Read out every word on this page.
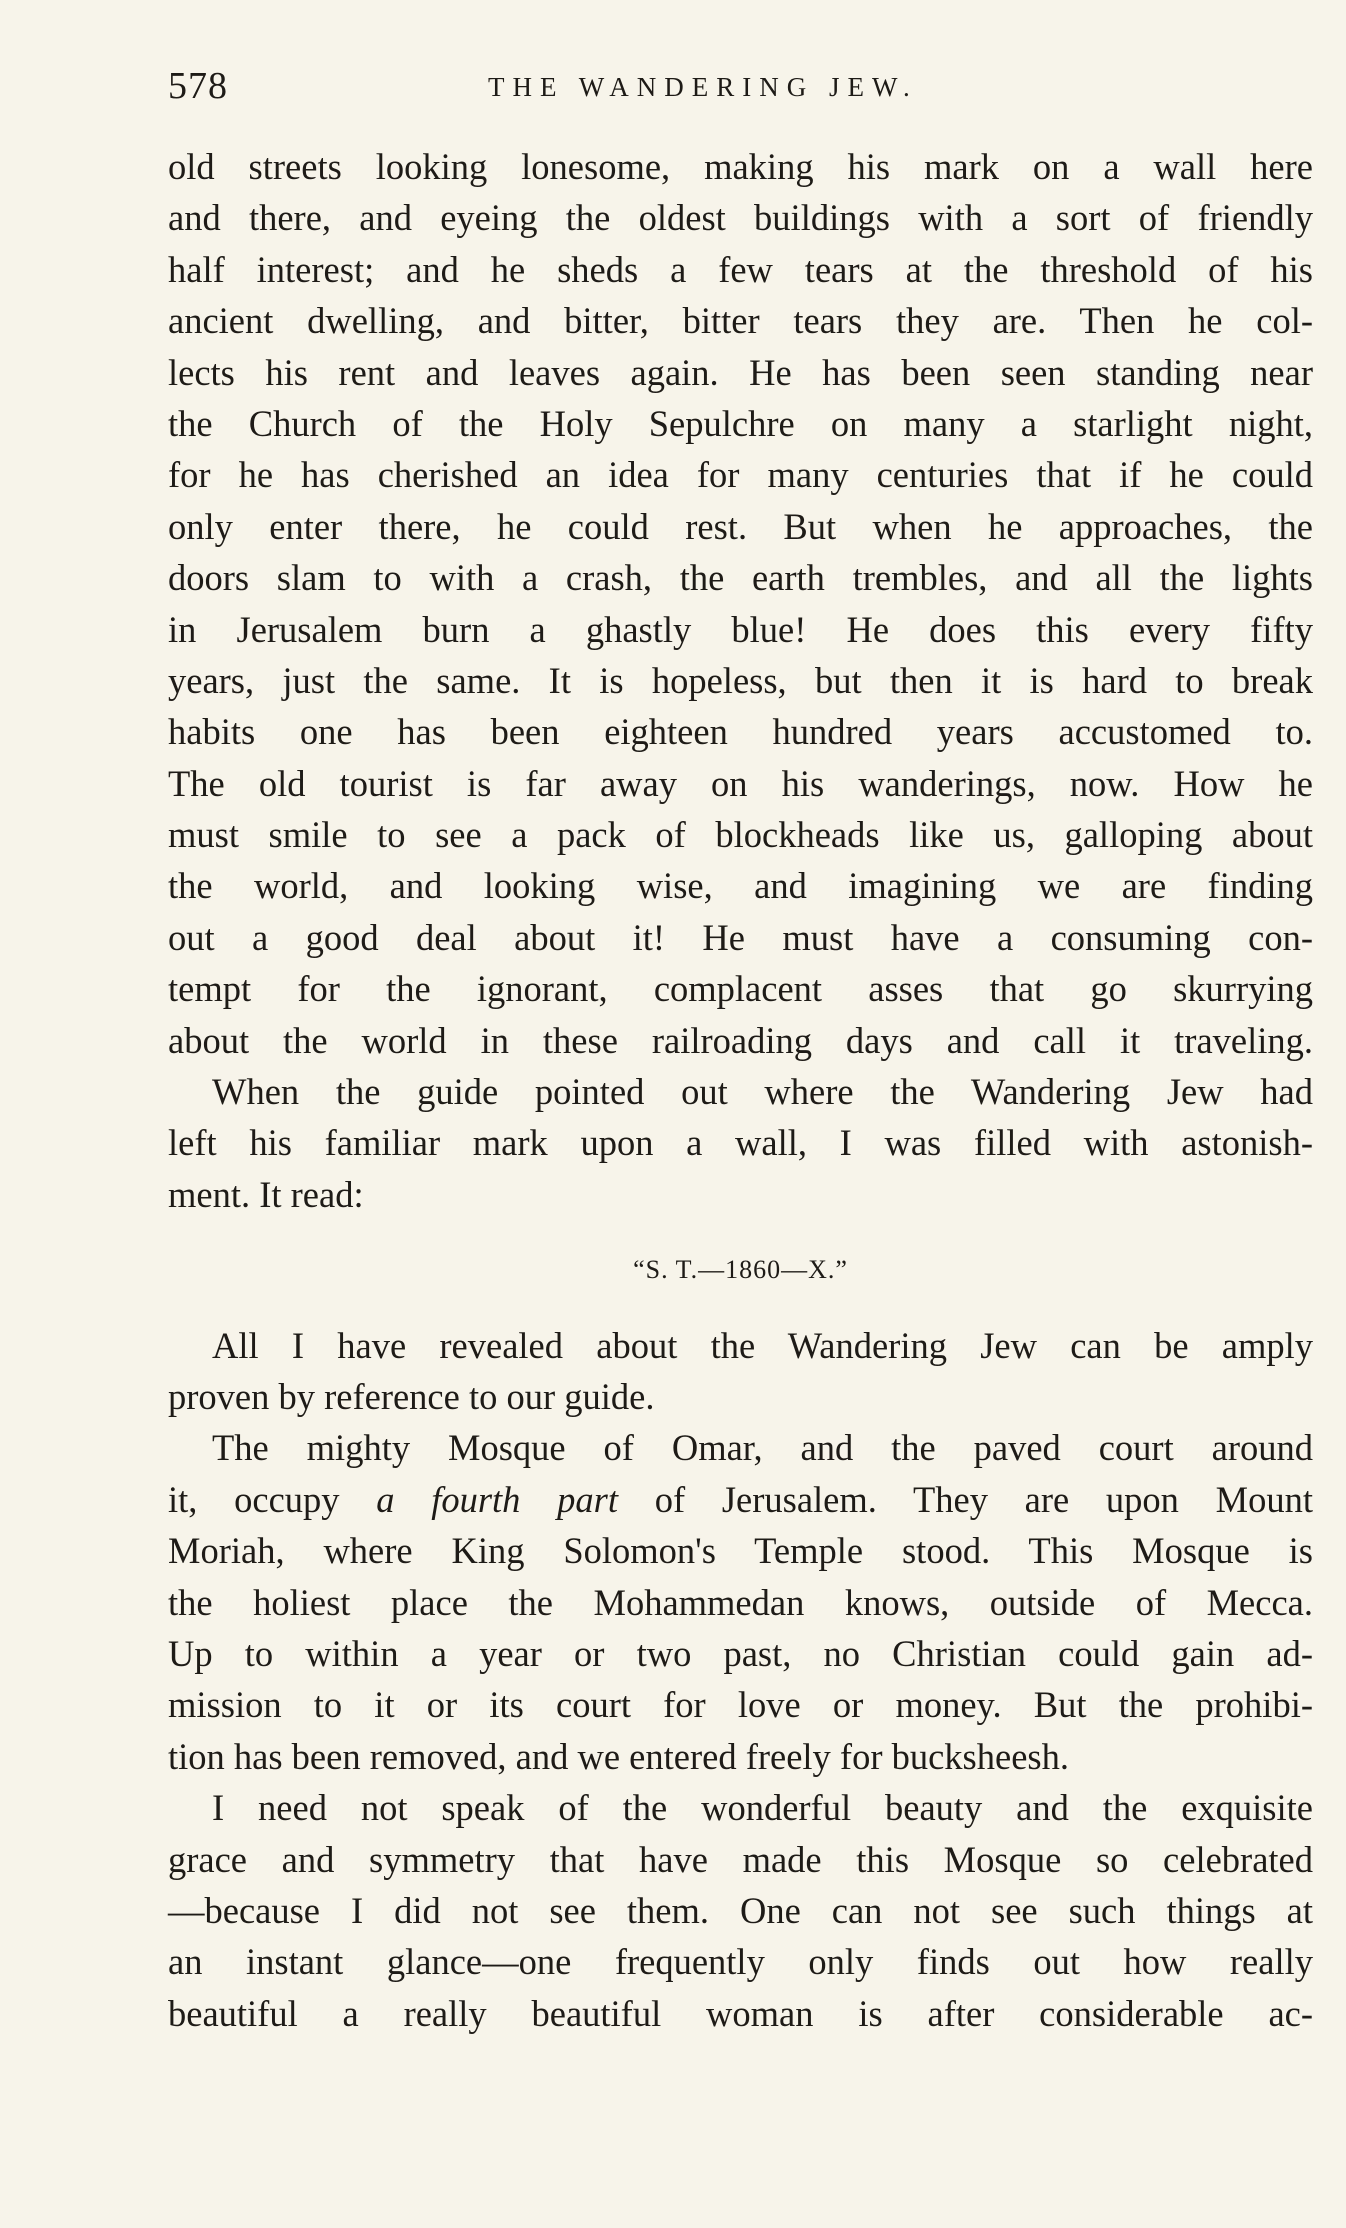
578	THE WANDERING JEW.
old streets looking lonesome, making his mark on a wall here
and there, and eyeing the oldest buildings with a sort of friendly
half interest; and he sheds a few tears at the threshold of his
ancient dwelling, and bitter, bitter tears they are. Then he col-
lects his rent and leaves again. He has been seen standing near
the Church of the Holy Sepulchre on many a starlight night,
for he has cherished an idea for many centuries that if he could
only enter there, he could rest. But when he approaches, the
doors slam to with a crash, the earth trembles, and all the lights
in Jerusalem burn a ghastly blue! He does this every fifty
years, just the same. It is hopeless, but then it is hard to break
habits one has been eighteen hundred years accustomed to.
The old tourist is far away on his wanderings, now. How he
must smile to see a pack of blockheads like us, galloping about
the world, and looking wise, and imagining we are finding
out a good deal about it! He must have a consuming con-
tempt for the ignorant, complacent asses that go skurrying
about the world in these railroading days and call it traveling.
When the guide pointed out where the Wandering Jew had
left his familiar mark upon a wall, I was filled with astonish-
ment. It read:
“S. T.—1860—X.”
All I have revealed about the Wandering Jew can be amply
proven by reference to our guide.
The mighty Mosque of Omar, and the paved court around
it, occupy a fourth part of Jerusalem. They are upon Mount
Moriah, where King Solomon's Temple stood. This Mosque is
the holiest place the Mohammedan knows, outside of Mecca.
Up to within a year or two past, no Christian could gain ad-
mission to it or its court for love or money. But the prohibi-
tion has been removed, and we entered freely for bucksheesh.
I need not speak of the wonderful beauty and the exquisite
grace and symmetry that have made this Mosque so celebrated
—because I did not see them. One can not see such things at
an instant glance—one frequently only finds out how really
beautiful a really beautiful woman is after considerable ac-
